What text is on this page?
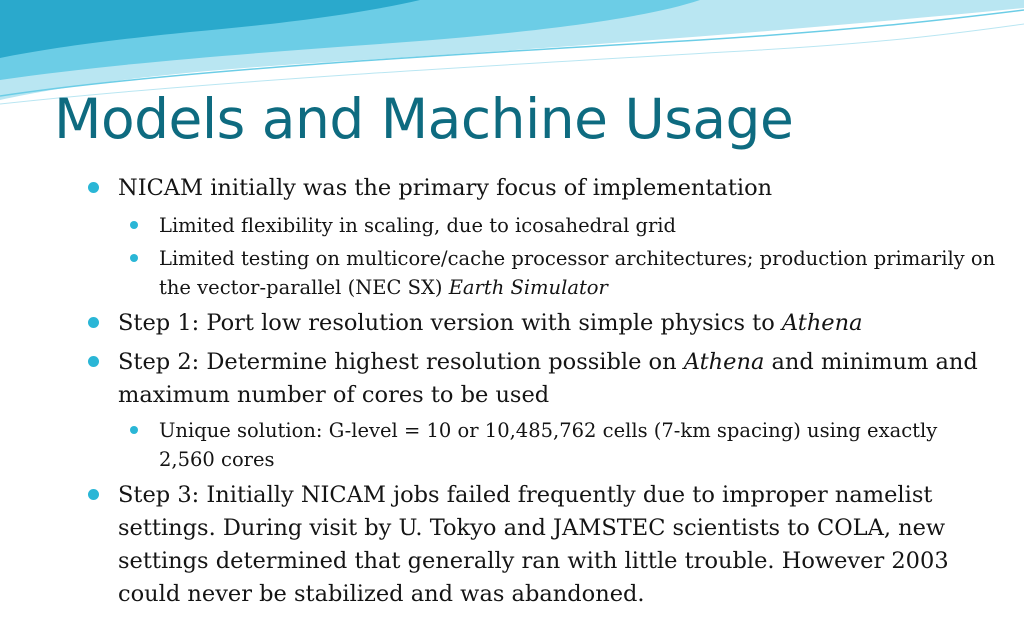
Models and Machine Usage
NICAM initially was the primary focus of implementation
Limited flexibility in scaling, due to icosahedral grid
Limited testing on multicore/cache processor architectures; production primarily on the vector-parallel (NEC SX) Earth Simulator
Step 1: Port low resolution version with simple physics to Athena
Step 2: Determine highest resolution possible on Athena and minimum and maximum number of cores to be used
Unique solution: G-level = 10 or 10,485,762 cells (7-km spacing) using exactly 2,560 cores
Step 3: Initially NICAM jobs failed frequently due to improper namelist settings. During visit by U. Tokyo and JAMSTEC scientists to COLA, new settings determined that generally ran with little trouble. However 2003 could never be stabilized and was abandoned.
